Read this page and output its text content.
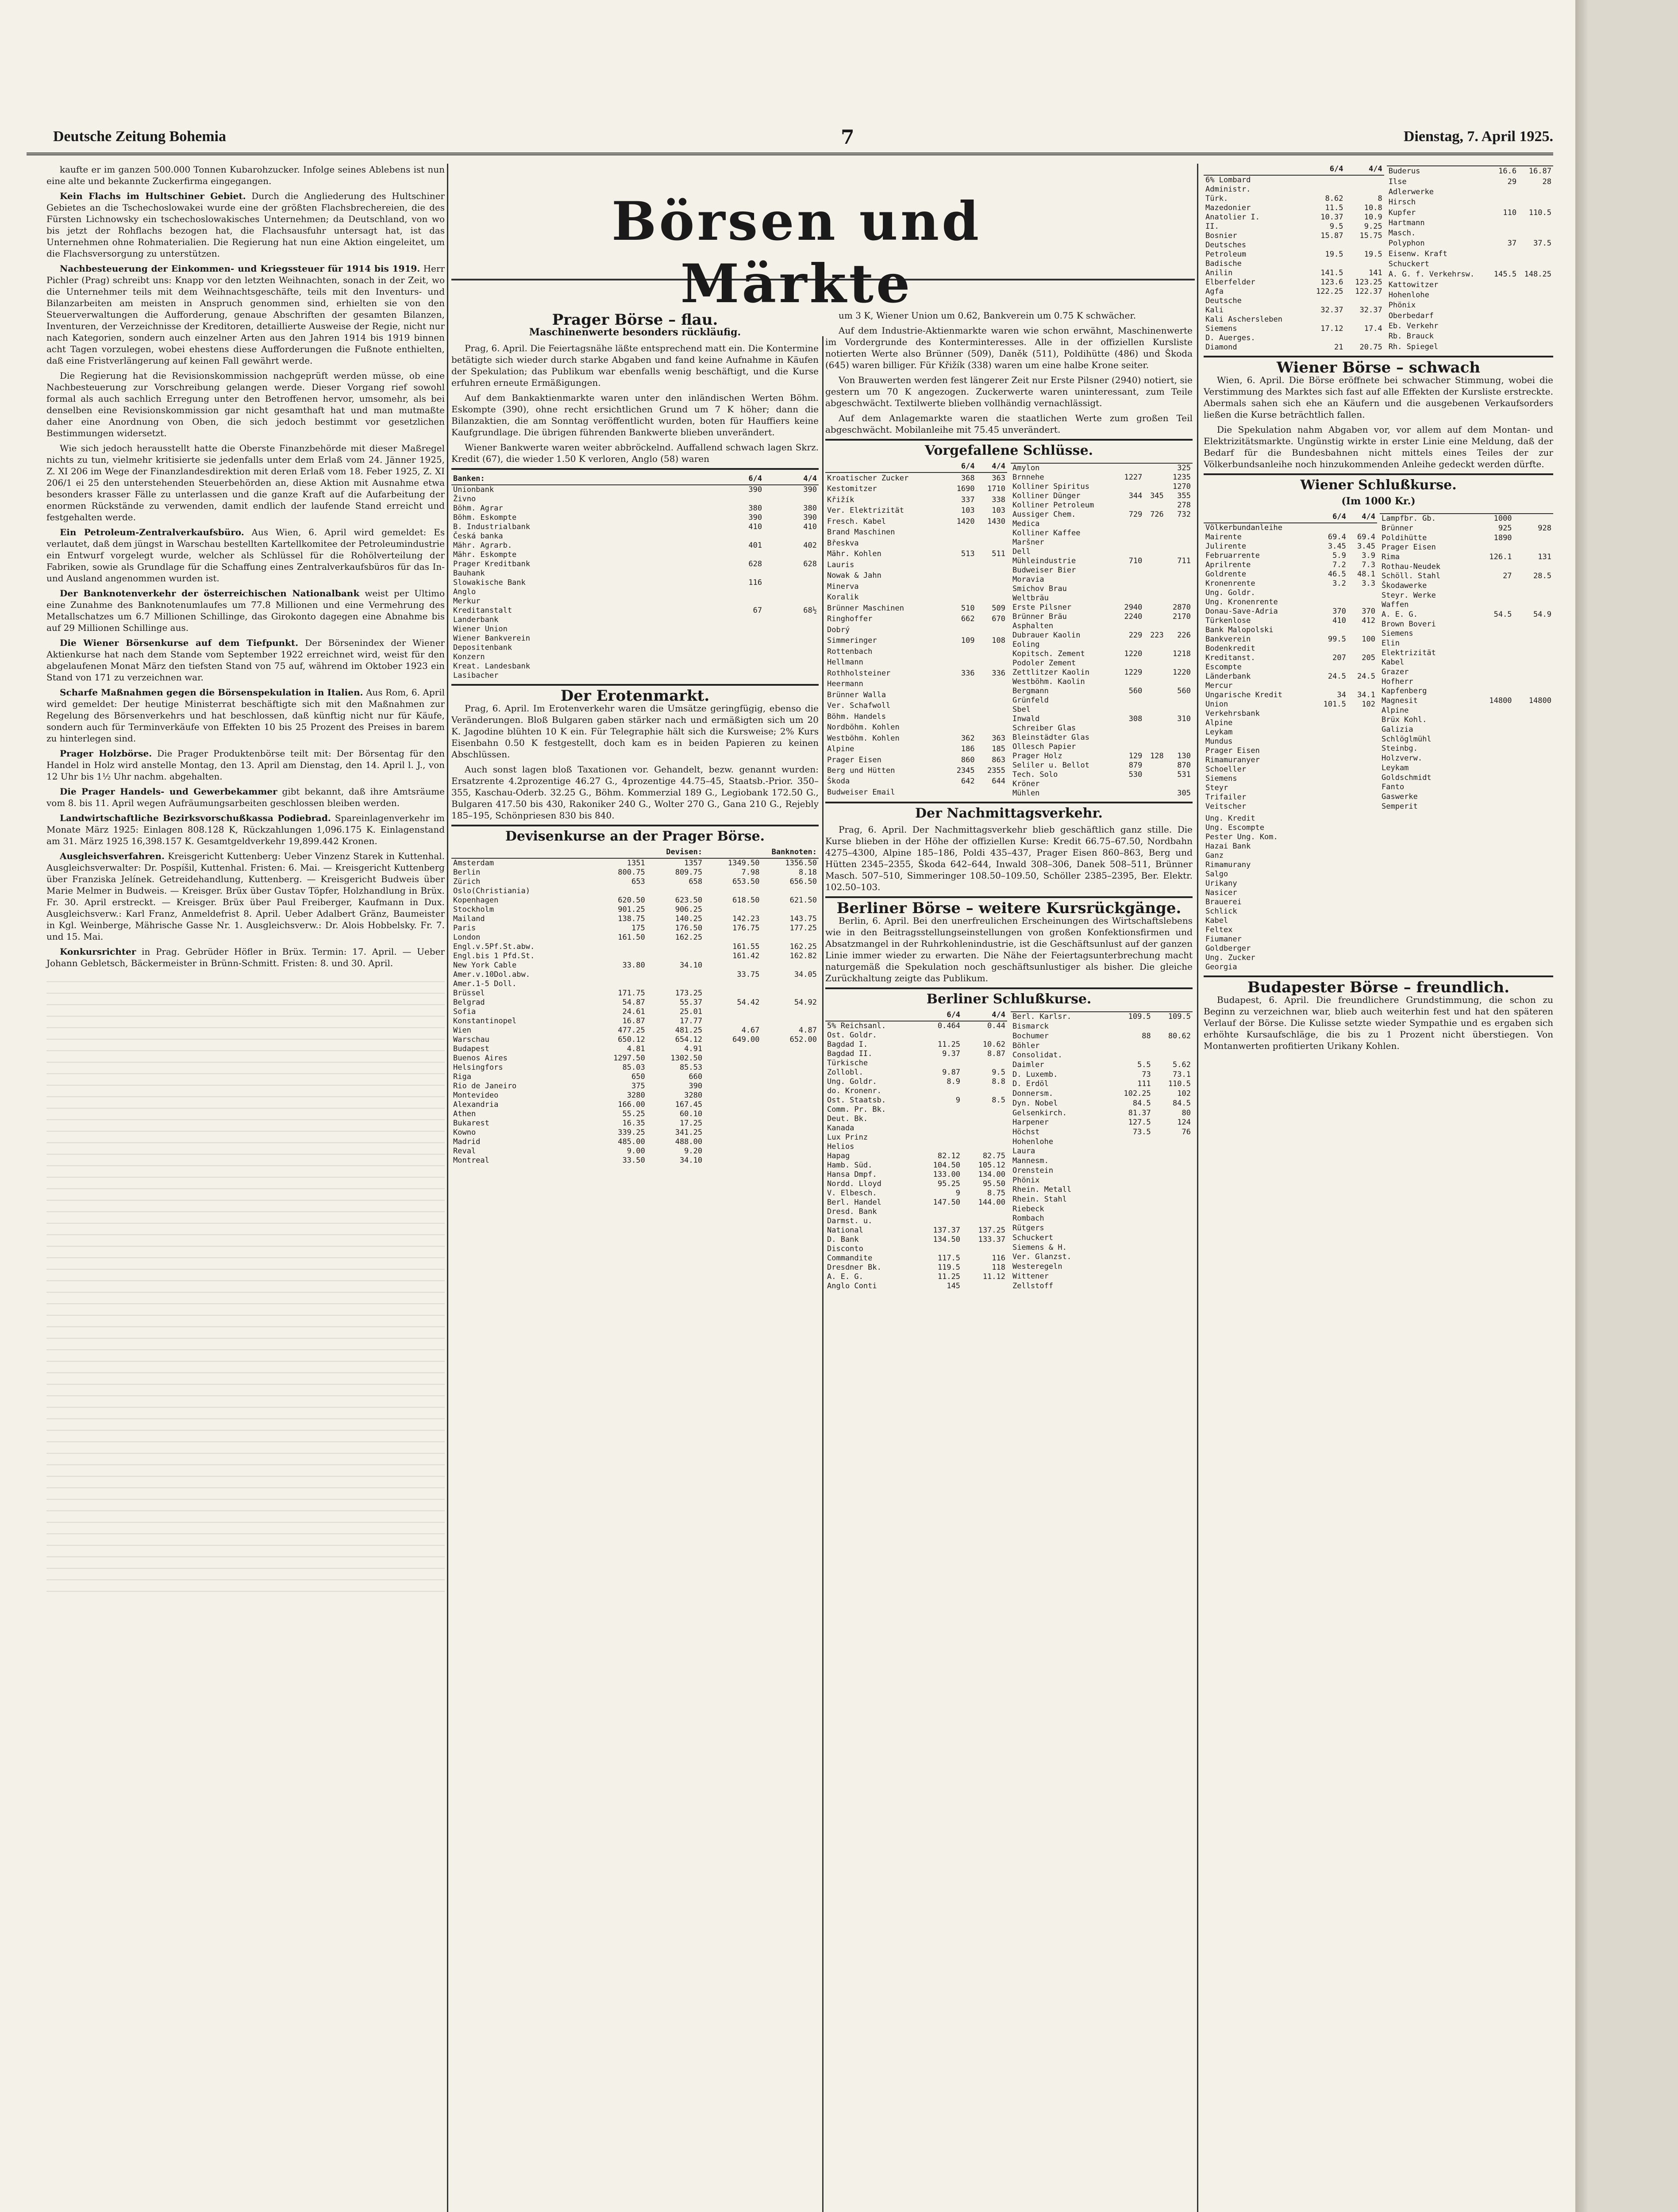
Deutsche Zeitung Bohemia	7	Dienstag, 7. April 1925.
Börsen und Märkte

kaufte er im ganzen 500.000 Tonnen Kubarohzucker. Infolge seines Ablebens ist nun eine alte und bekannte Zuckerfirma eingegangen.

Kein Flachs im Hultschiner Gebiet. Durch die Angliederung des Hultschiner Gebietes an die Tschechoslowakei wurde eine der größten Flachsbrechereien, die des Fürsten Lichnowsky ein tschechoslowakisches Unternehmen; da Deutschland, von wo bis jetzt der Rohflachs bezogen hat, die Flachsausfuhr untersagt hat, ist das Unternehmen ohne Rohmaterialien. Die Regierung hat nun eine Aktion eingeleitet, um die Flachsversorgung zu unterstützen.

Nachbesteuerung der Einkommen- und Kriegssteuer für 1914 bis 1919. Herr Pichler (Prag) schreibt uns: Knapp vor den letzten Weihnachten, sonach in der Zeit, wo die Unternehmer teils mit dem Weihnachtsgeschäfte, teils mit den Inventurs- und Bilanzarbeiten am meisten in Anspruch genommen sind, erhielten sie von den Steuerverwaltungen die Aufforderung, genaue Abschriften der gesamten Bilanzen, Inventuren, der Verzeichnisse der Kreditoren, detaillierte Ausweise der Regie, nicht nur nach Kategorien, sondern auch einzelner Arten aus den Jahren 1914 bis 1919 binnen acht Tagen vorzulegen, wobei ehestens diese Aufforderungen die Fußnote enthielten, daß eine Fristverlängerung auf keinen Fall gewährt werde.

Die Regierung hat die Revisionskommission nachgeprüft werden müsse, ob eine Nachbesteuerung zur Vorschreibung gelangen werde. Dieser Vorgang rief sowohl formal als auch sachlich Erregung unter den Betroffenen hervor, umsomehr, als bei denselben eine Revisionskommission gar nicht gesamthaft hat und man mutmaßte daher eine Anordnung von Oben, die sich jedoch bestimmt vor gesetzlichen Bestimmungen widersetzt.

Wie sich jedoch herausstellt hatte die Oberste Finanzbehörde mit dieser Maßregel nichts zu tun, vielmehr kritisierte sie jedenfalls unter dem Erlaß vom 24. Jänner 1925, Z. XI 206 im Wege der Finanzlandesdirektion mit deren Erlaß vom 18. Feber 1925, Z. XI 206/1 ei 25 den unterstehenden Steuerbehörden an, diese Aktion mit Ausnahme etwa besonders krasser Fälle zu unterlassen und die ganze Kraft auf die Aufarbeitung der enormen Rückstände zu verwenden, damit endlich der laufende Stand erreicht und festgehalten werde.

Ein Petroleum-Zentralverkaufsbüro. Aus Wien, 6. April wird gemeldet: Es verlautet, daß dem jüngst in Warschau bestellten Kartellkomitee der Petroleumindustrie ein Entwurf vorgelegt wurde, welcher als Schlüssel für die Rohölverteilung der Fabriken, sowie als Grundlage für die Schaffung eines Zentralverkaufsbüros für das In- und Ausland angenommen wurden ist.

Der Banknotenverkehr der österreichischen Nationalbank weist per Ultimo eine Zunahme des Banknotenumlaufes um 77.8 Millionen und eine Vermehrung des Metallschatzes um 6.7 Millionen Schillinge, das Girokonto dagegen eine Abnahme bis auf 29 Millionen Schillinge aus.

Die Wiener Börsenkurse auf dem Tiefpunkt. Der Börsenindex der Wiener Aktienkurse hat nach dem Stande vom September 1922 erreichnet wird, weist für den abgelaufenen Monat März den tiefsten Stand von 75 auf, während im Oktober 1923 ein Stand von 171 zu verzeichnen war.

Scharfe Maßnahmen gegen die Börsenspekulation in Italien. Aus Rom, 6. April wird gemeldet: Der heutige Ministerrat beschäftigte sich mit den Maßnahmen zur Regelung des Börsenverkehrs und hat beschlossen, daß künftig nicht nur für Käufe, sondern auch für Terminverkäufe von Effekten 10 bis 25 Prozent des Preises in barem zu hinterlegen sind.

Prager Holzbörse. Die Prager Produktenbörse teilt mit: Der Börsentag für den Handel in Holz wird anstelle Montag, den 13. April am Dienstag, den 14. April l. J., von 12 Uhr bis 1½ Uhr nachm. abgehalten.

Die Prager Handels- und Gewerbekammer gibt bekannt, daß ihre Amtsräume vom 8. bis 11. April wegen Aufräumungsarbeiten geschlossen bleiben werden.

Landwirtschaftliche Bezirksvorschußkassa Podiebrad. Spareinlagenverkehr im Monate März 1925: Einlagen 808.128 K, Rückzahlungen 1,096.175 K. Einlagenstand am 31. März 1925 16,398.157 K. Gesamtgeldverkehr 19,899.442 Kronen.

Ausgleichsverfahren. Kreisgericht Kuttenberg: Ueber Vinzenz Starek in Kuttenhal. Ausgleichsverwalter: Dr. Pospíšil, Kuttenhal. Fristen: 6. Mai. — Kreisgericht Kuttenberg über Franziska Jelínek. Getreidehandlung, Kuttenberg. — Kreisgericht Budweis über Marie Melmer in Budweis. — Kreisger. Brüx über Gustav Töpfer, Holzhandlung in Brüx. Fr. 30. April erstreckt. — Kreisger. Brüx über Paul Freiberger, Kaufmann in Dux. Ausgleichsverw.: Karl Franz, Anmeldefrist 8. April. Ueber Adalbert Gränz, Baumeister in Kgl. Weinberge, Mährische Gasse Nr. 1. Ausgleichsverw.: Dr. Alois Hobbelsky. Fr. 7. und 15. Mai.

Konkursrichter in Prag. Gebrüder Höfler in Brüx. Termin: 17. April. — Ueber Johann Gebletsch, Bäckermeister in Brünn-Schmitt. Fristen: 8. und 30. April.

Prager Börse – flau.
Maschinenwerte besonders rückläufig.

Prag, 6. April. Die Feiertagsnähe läßte entsprechend matt ein. Die Kontermine betätigte sich wieder durch starke Abgaben und fand keine Aufnahme in Käufen der Spekulation; das Publikum war ebenfalls wenig beschäftigt, und die Kurse erfuhren erneute Ermäßigungen.

Auf dem Bankaktienmarkte waren unter den inländischen Werten Böhm. Eskompte (390), ohne recht ersichtlichen Grund um 7 K höher; dann die Bilanzaktien, die am Sonntag veröffentlicht wurden, boten für Hauffiers keine Kaufgrundlage. Die übrigen führenden Bankwerte blieben unverändert.

Wiener Bankwerte waren weiter abbröckelnd. Auffallend schwach lagen Skrz. Kredit (67), die wieder 1.50 K verloren, Anglo (58) waren

Banken:	6/4	4/4
Unionbank	390	390
Živno		
Böhm. Agrar	380	380
Böhm. Eskompte	390	390
B. Industrialbank	410	410
Česká banka		
Mähr. Agrarb.	401	402
Mähr. Eskompte		
Prager Kreditbank	628	628
Bauhank		
Slowakische Bank	116	
Anglo		
Merkur		
Kreditanstalt	67	68½
Landerbank		
Wiener Union		
Wiener Bankverein		
Depositenbank		
Konzern		
Kreat. Landesbank		
Lasibacher		
Der Erotenmarkt.

Prag, 6. April. Im Erotenverkehr waren die Umsätze geringfügig, ebenso die Veränderungen. Bloß Bulgaren gaben stärker nach und ermäßigten sich um 20 K. Jagodine blühten 10 K ein. Für Telegraphie hält sich die Kursweise; 2% Kurs Eisenbahn 0.50 K festgestellt, doch kam es in beiden Papieren zu keinen Abschlüssen.

Auch sonst lagen bloß Taxationen vor. Gehandelt, bezw. genannt wurden: Ersatzrente 4.2prozentige 46.27 G., 4prozentige 44.75–45, Staatsb.-Prior. 350–355, Kaschau-Oderb. 32.25 G., Böhm. Kommerzial 189 G., Legiobank 172.50 G., Bulgaren 417.50 bis 430, Rakoniker 240 G., Wolter 270 G., Gana 210 G., Rejebly 185–195, Schönpriesen 830 bis 840.

Devisenkurse an der Prager Börse.
	Devisen:		Banknoten:	
Amsterdam	1351	1357	1349.50	1356.50
Berlin	800.75	809.75	7.98	8.18
Zürich	653	658	653.50	656.50
Oslo(Christiania)				
Kopenhagen	620.50	623.50	618.50	621.50
Stockholm	901.25	906.25		
Mailand	138.75	140.25	142.23	143.75
Paris	175	176.50	176.75	177.25
London	161.50	162.25		
Engl.v.5Pf.St.abw.			161.55	162.25
Engl.bis 1 Pfd.St.			161.42	162.82
New York Cable	33.80	34.10		
Amer.v.10Dol.abw.			33.75	34.05
Amer.1-5 Doll.				
Brüssel	171.75	173.25		
Belgrad	54.87	55.37	54.42	54.92
Sofia	24.61	25.01		
Konstantinopel	16.87	17.77		
Wien	477.25	481.25	4.67	4.87
Warschau	650.12	654.12	649.00	652.00
Budapest	4.81	4.91		
Buenos Aires	1297.50	1302.50		
Helsingfors	85.03	85.53		
Riga	650	660		
Rio de Janeiro	375	390		
Montevideo	3280	3280		
Alexandria	166.00	167.45		
Athen	55.25	60.10		
Bukarest	16.35	17.25		
Kowno	339.25	341.25		
Madrid	485.00	488.00		
Reval	9.00	9.20		
Montreal	33.50	34.10		

um 3 K, Wiener Union um 0.62, Bankverein um 0.75 K schwächer.

Auf dem Industrie-Aktienmarkte waren wie schon erwähnt, Maschinenwerte im Vordergrunde des Konterminteresses. Alle in der offiziellen Kursliste notierten Werte also Brünner (509), Daněk (511), Poldihütte (486) und Škoda (645) waren billiger. Für Křižík (338) waren um eine halbe Krone seiter.

Von Brauwerten werden fest längerer Zeit nur Erste Pilsner (2940) notiert, sie gestern um 70 K angezogen. Zuckerwerte waren uninteressant, zum Teile abgeschwächt. Textilwerte blieben vollhändig vernachlässigt.

Auf dem Anlagemarkte waren die staatlichen Werte zum großen Teil abgeschwächt. Mobilanleihe mit 75.45 unverändert.

Vorgefallene Schlüsse.
	6/4	4/4
Kroatischer Zucker	368	363
Kestomitzer	1690	1710
Křižík	337	338
Ver. Elektrizität	103	103
Fresch. Kabel	1420	1430
Brand Maschinen		
Břeskva		
Mähr. Kohlen	513	511
Lauris		
Nowak & Jahn		
Minerva		
Koralik		
Brünner Maschinen	510	509
Ringhoffer	662	670
Dobrý		
Simmeringer	109	108
Rottenbach		
Hellmann		
Rothholsteiner	336	336
Heermann		
Brünner Walla		
Ver. Schafwoll		
Böhm. Handels		
Nordböhm. Kohlen		
Westböhm. Kohlen	362	363
Alpine	186	185
Prager Eisen	860	863
Berg und Hütten	2345	2355
Škoda	642	644
Budweiser Email		

Amylon			325
Brnnehe	1227		1235
Kolliner Spiritus			1270
Kolliner Dünger	344	345	355
Kolliner Petroleum			278
Aussiger Chem.	729	726	732
Medica			
Kolliner Kaffee			
Maršner			
Dell			
Mühleindustrie	710		711
Budweiser Bier			
Moravia			
Smichov Brau			
Weltbräu			
Erste Pilsner	2940		2870
Brünner Bräu	2240		2170
Asphalten			
Dubrauer Kaolin	229	223	226
Eoling			
Kopitsch. Zement	1220		1218
Podoler Zement			
Zettlitzer Kaolin	1229		1220
Westböhm. Kaolin			
Bergmann	560		560
Grünfeld			
Sbel			
Inwald	308		310
Schreiber Glas			
Bleinstädter Glas			
Ollesch Papier			
Prager Holz	129	128	130
Seliler u. Bellot	879		870
Tech. Solo	530		531
Kröner			
Mühlen			305
Der Nachmittagsverkehr.

Prag, 6. April. Der Nachmittagsverkehr blieb geschäftlich ganz stille. Die Kurse blieben in der Höhe der offiziellen Kurse: Kredit 66.75–67.50, Nordbahn 4275–4300, Alpine 185–186, Poldi 435–437, Prager Eisen 860–863, Berg und Hütten 2345–2355, Škoda 642–644, Inwald 308–306, Danek 508–511, Brünner Masch. 507–510, Simmeringer 108.50–109.50, Schöller 2385–2395, Ber. Elektr. 102.50–103.

Berliner Börse – weitere Kursrückgänge.

Berlin, 6. April. Bei den unerfreulichen Erscheinungen des Wirtschaftslebens wie in den Beitragsstellungseinstellungen von großen Konfektionsfirmen und Absatzmangel in der Ruhrkohlenindustrie, ist die Geschäftsunlust auf der ganzen Linie immer wieder zu erwarten. Die Nähe der Feiertagsunterbrechung macht naturgemäß die Spekulation noch geschäftsunlustiger als bisher. Die gleiche Zurückhaltung zeigte das Publikum.

Berliner Schlußkurse.
	6/4	4/4
5% Reichsanl.	0.464	0.44
Ost. Goldr.		
Bagdad I.	11.25	10.62
Bagdad II.	9.37	8.87
Türkische		
Zollobl.	9.87	9.5
Ung. Goldr.	8.9	8.8
do. Kronenr.		
Ost. Staatsb.	9	8.5
Comm. Pr. Bk.		
Deut. Bk.		
Kanada		
Lux Prinz		
Helios		
Hapag	82.12	82.75
Hamb. Süd.	104.50	105.12
Hansa Dmpf.	133.00	134.00
Nordd. Lloyd	95.25	95.50
V. Elbesch.	9	8.75
Berl. Handel	147.50	144.00
Dresd. Bank		
Darmst. u.		
National	137.37	137.25
D. Bank	134.50	133.37
Disconto		
Commandite	117.5	116
Dresdner Bk.	119.5	118
A. E. G.	11.25	11.12
Anglo Conti	145	

Berl. Karlsr.	109.5	109.5
Bismarck		
Bochumer	88	80.62
Böhler		
Consolidat.		
Daimler	5.5	5.62
D. Luxemb.	73	73.1
D. Erdöl	111	110.5
Donnersm.	102.25	102
Dyn. Nobel	84.5	84.5
Gelsenkirch.	81.37	80
Harpener	127.5	124
Höchst	73.5	76
Hohenlohe		
Laura		
Mannesm.		
Orenstein		
Phönix		
Rhein. Metall		
Rhein. Stahl		
Riebeck		
Rombach		
Rütgers		
Schuckert		
Siemens & H.		
Ver. Glanzst.		
Westeregeln		
Wittener		
Zellstoff		
	6/4	4/4
6% Lombard		
Administr.		
Türk.	8.62	8
Mazedonier	11.5	10.8
Anatolier I.	10.37	10.9
II.	9.5	9.25
Bosnier	15.87	15.75
Deutsches		
Petroleum	19.5	19.5
Badische		
Anilin	141.5	141
Elberfelder	123.6	123.25
Agfa	122.25	122.37
Deutsche		
Kali	32.37	32.37
Kali Aschersleben		
Siemens	17.12	17.4
D. Auerges.		
Diamond	21	20.75

Buderus	16.6	16.87
Ilse	29	28
Adlerwerke		
Hirsch		
Kupfer	110	110.5
Hartmann		
Masch.		
Polyphon	37	37.5
Eisenw. Kraft		
Schuckert		
A. G. f. Verkehrsw.	145.5	148.25
Kattowitzer		
Hohenlohe		
Phönix		
Oberbedarf		
Eb. Verkehr		
Rb. Brauck		
Rh. Spiegel		
Wiener Börse – schwach

Wien, 6. April. Die Börse eröffnete bei schwacher Stimmung, wobei die Verstimmung des Marktes sich fast auf alle Effekten der Kursliste erstreckte. Abermals sahen sich ehe an Käufern und die ausgebenen Verkaufsorders ließen die Kurse beträchtlich fallen.

Die Spekulation nahm Abgaben vor, vor allem auf dem Montan- und Elektrizitätsmarkte. Ungünstig wirkte in erster Linie eine Meldung, daß der Bedarf für die Bundesbahnen nicht mittels eines Teiles der zur Völkerbundsanleihe noch hinzukommenden Anleihe gedeckt werden dürfte.

Wiener Schlußkurse.
(Im 1000 Kr.)
	6/4	4/4
Völkerbundanleihe		
Mairente	69.4	69.4
Julirente	3.45	3.45
Februarrente	5.9	3.9
Aprilrente	7.2	7.3
Goldrente	46.5	48.1
Kronenrente	3.2	3.3
Ung. Goldr.		
Ung. Kronenrente		
Donau-Save-Adria	370	370
Türkenlose	410	412
Bank Malopolski		
Bankverein	99.5	100
Bodenkredit		
Kreditanst.	207	205
Escompte		
Länderbank	24.5	24.5
Mercur		
Ungarische Kredit	34	34.1
Union	101.5	102
Verkehrsbank		
Alpine		
Leykam		
Mundus		
Prager Eisen		
Rimamuranyer		
Schoeller		
Siemens		
Steyr		
Trifailer		
Veitscher		

Lampfbr. Gb.	1000	
Brünner	925	928
Poldihütte	1890	
Prager Eisen		
Rima	126.1	131
Rothau-Neudek		
Schöll. Stahl	27	28.5
Škodawerke		
Steyr. Werke		
Waffen		
A. E. G.	54.5	54.9
Brown Boveri		
Siemens		
Elin		
Elektrizität		
Kabel		
Grazer		
Hofherr		
Kapfenberg		
Magnesit	14800	14800
Alpine		
Brüx Kohl.		
Galizia		
Schlöglmühl		
Steinbg.		
Holzverw.		
Leykam		
Goldschmidt		
Fanto		
Gaswerke		
Semperit		
Ung. Kredit		
Ung. Escompte		
Pester Ung. Kom.		
Hazai Bank		
Ganz		
Rimamurany		
Salgo		
Urikany		
Nasicer		
Brauerei		
Schlick		
Kabel		
Feltex		
Fiumaner		
Goldberger		
Ung. Zucker		
Georgia		
Budapester Börse – freundlich.

Budapest, 6. April. Die freundlichere Grundstimmung, die schon zu Beginn zu verzeichnen war, blieb auch weiterhin fest und hat den späteren Verlauf der Börse. Die Kulisse setzte wieder Sympathie und es ergaben sich erhöhte Kursaufschläge, die bis zu 1 Prozent nicht überstiegen. Von Montanwerten profitierten Urikany Kohlen.
